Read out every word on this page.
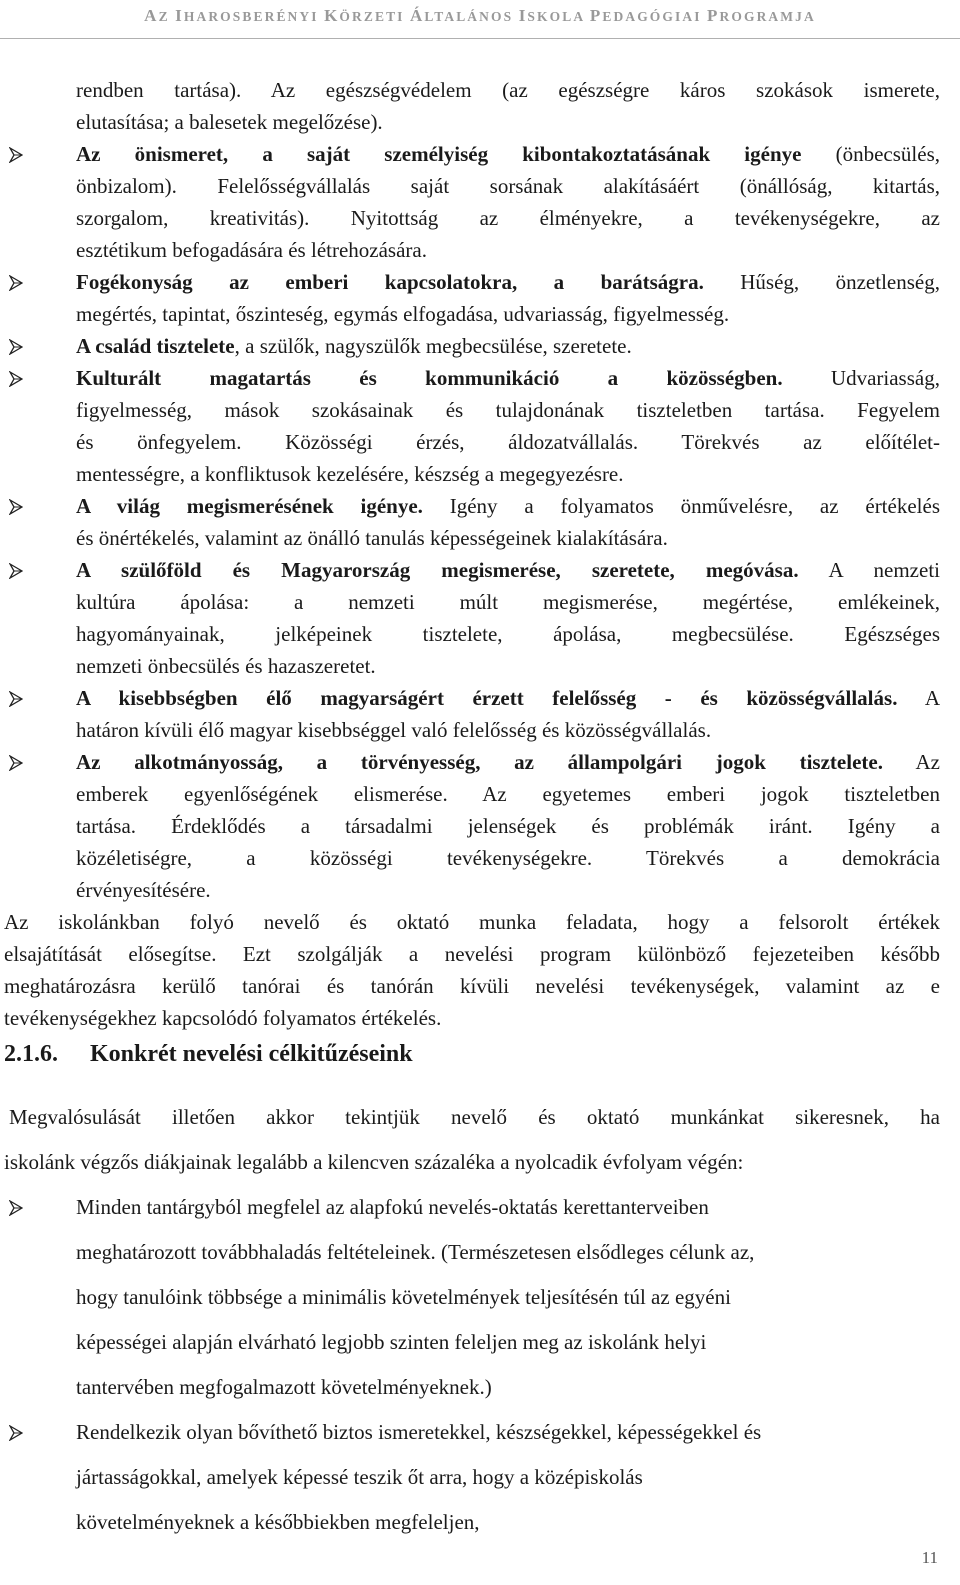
AZ IHAROSBERÉNYI KÖRZETI ÁLTALÁNOS ISKOLA PEDAGÓGIAI PROGRAMJA
rendben tartása). Az egészségvédelem (az egészségre káros szokások ismerete,
elutasítása; a balesetek megelőzése).
Az önismeret, a saját személyiség kibontakoztatásának igénye (önbecsülés,
önbizalom). Felelősségvállalás saját sorsának alakításáért (önállóság, kitartás,
szorgalom, kreativitás). Nyitottság az élményekre, a tevékenységekre, az
esztétikum befogadására és létrehozására.
Fogékonyság az emberi kapcsolatokra, a barátságra. Hűség, önzetlenség,
megértés, tapintat, őszinteség, egymás elfogadása, udvariasság, figyelmesség.
A család tisztelete, a szülők, nagyszülők megbecsülése, szeretete.
Kulturált magatartás és kommunikáció a közösségben. Udvariasság,
figyelmesség, mások szokásainak és tulajdonának tiszteletben tartása. Fegyelem
és önfegyelem. Közösségi érzés, áldozatvállalás. Törekvés az előítélet-
mentességre, a konfliktusok kezelésére, készség a megegyezésre.
A világ megismerésének igénye. Igény a folyamatos önművelésre, az értékelés
és önértékelés, valamint az önálló tanulás képességeinek kialakítására.
A szülőföld és Magyarország megismerése, szeretete, megóvása. A nemzeti
kultúra ápolása: a nemzeti múlt megismerése, megértése, emlékeinek,
hagyományainak, jelképeinek tisztelete, ápolása, megbecsülése. Egészséges
nemzeti önbecsülés és hazaszeretet.
A kisebbségben élő magyarságért érzett felelősség - és közösségvállalás. A
határon kívüli élő magyar kisebbséggel való felelősség és közösségvállalás.
Az alkotmányosság, a törvényesség, az állampolgári jogok tisztelete. Az
emberek egyenlőségének elismerése. Az egyetemes emberi jogok tiszteletben
tartása. Érdeklődés a társadalmi jelenségek és problémák iránt. Igény a
közéletiségre, a közösségi tevékenységekre. Törekvés a demokrácia
érvényesítésére.
Az iskolánkban folyó nevelő és oktató munka feladata, hogy a felsorolt értékek
elsajátítását elősegítse. Ezt szolgálják a nevelési program különböző fejezeteiben később
meghatározásra kerülő tanórai és tanórán kívüli nevelési tevékenységek, valamint az e
tevékenységekhez kapcsolódó folyamatos értékelés.
Megvalósulását illetően akkor tekintjük nevelő és oktató munkánkat sikeresnek, ha
iskolánk végzős diákjainak legalább a kilencven százaléka a nyolcadik évfolyam végén:
Minden tantárgyból megfelel az alapfokú nevelés-oktatás kerettanterveiben
meghatározott továbbhaladás feltételeinek. (Természetesen elsődleges célunk az,
hogy tanulóink többsége a minimális követelmények teljesítésén túl az egyéni
képességei alapján elvárható legjobb szinten feleljen meg az iskolánk helyi
tantervében megfogalmazott követelményeknek.)
Rendelkezik olyan bővíthető biztos ismeretekkel, készségekkel, képességekkel és
jártasságokkal, amelyek képessé teszik őt arra, hogy a középiskolás
követelményeknek a későbbiekben megfeleljen,
2.1.6. Konkrét nevelési célkitűzéseink
11
